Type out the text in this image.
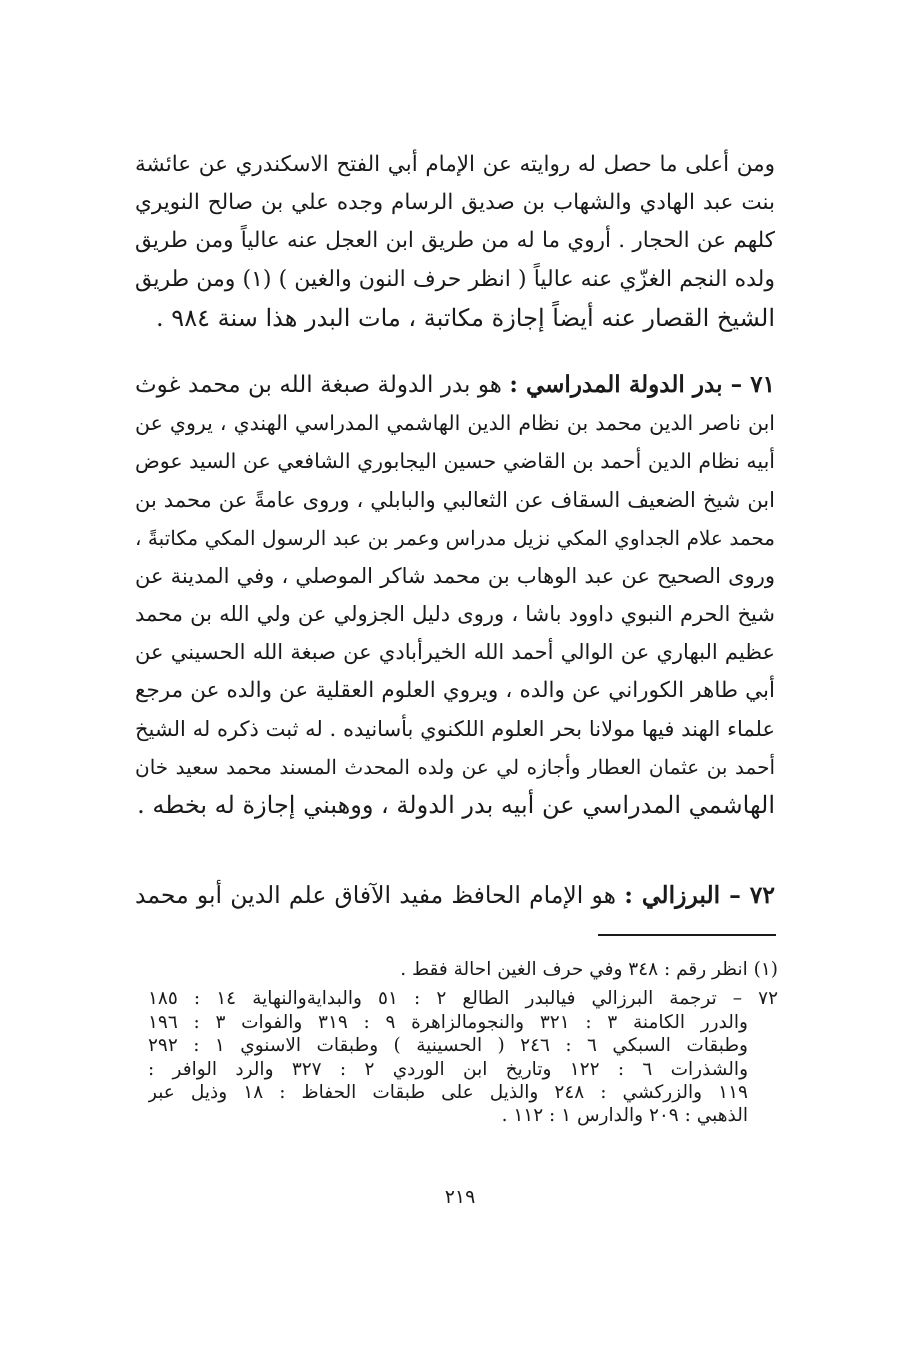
ومن أعلى ما حصل له روايته عن الإمام أبي الفتح الاسكندري عن عائشة
بنت عبد الهادي والشهاب بن صديق الرسام وجده علي بن صالح النويري
كلهم عن الحجار . أروي ما له من طريق ابن العجل عنه عالياً ومن طريق
ولده النجم الغزّي عنه عالياً ( انظر حرف النون والغين ) (١) ومن طريق
الشيخ القصار عنه أيضاً إجازة مكاتبة ، مات البدر هذا سنة ٩٨٤ .
٧١ – بدر الدولة المدراسي : هو بدر الدولة صبغة الله بن محمد غوث
ابن ناصر الدين محمد بن نظام الدين الهاشمي المدراسي الهندي ، يروي عن
أبيه نظام الدين أحمد بن القاضي حسين اليجابوري الشافعي عن السيد عوض
ابن شيخ الضعيف السقاف عن الثعالبي والبابلي ، وروى عامةً عن محمد بن
محمد علام الجداوي المكي نزيل مدراس وعمر بن عبد الرسول المكي مكاتبةً ،
وروى الصحيح عن عبد الوهاب بن محمد شاكر الموصلي ، وفي المدينة عن
شيخ الحرم النبوي داوود باشا ، وروى دليل الجزولي عن ولي الله بن محمد
عظيم البهاري عن الوالي أحمد الله الخيرأبادي عن صبغة الله الحسيني عن
أبي طاهر الكوراني عن والده ، ويروي العلوم العقلية عن والده عن مرجع
علماء الهند فيها مولانا بحر العلوم اللكنوي بأسانيده . له ثبت ذكره له الشيخ
أحمد بن عثمان العطار وأجازه لي عن ولده المحدث المسند محمد سعيد خان
الهاشمي المدراسي عن أبيه بدر الدولة ، ووهبني إجازة له بخطه .
٧٢ – البرزالي : هو الإمام الحافظ مفيد الآفاق علم الدين أبو محمد
(١) انظر رقم : ٣٤٨ وفي حرف الغين احالة فقط .
٧٢ – ترجمة البرزالي فيالبدر الطالع ٢ : ٥١ والبدايةوالنهاية ١٤ : ١٨٥
والدرر الكامنة ٣ : ٣٢١ والنجومالزاهرة ٩ : ٣١٩ والفوات ٣ : ١٩٦
وطبقات السبكي ٦ : ٢٤٦ ( الحسينية ) وطبقات الاسنوي ١ : ٢٩٢
والشذرات ٦ : ١٢٢ وتاريخ ابن الوردي ٢ : ٣٢٧ والرد الوافر :
١١٩ والزركشي : ٢٤٨ والذيل على طبقات الحفاظ : ١٨ وذيل عبر
الذهبي : ٢٠٩ والدارس ١ : ١١٢ .
٢١٩
